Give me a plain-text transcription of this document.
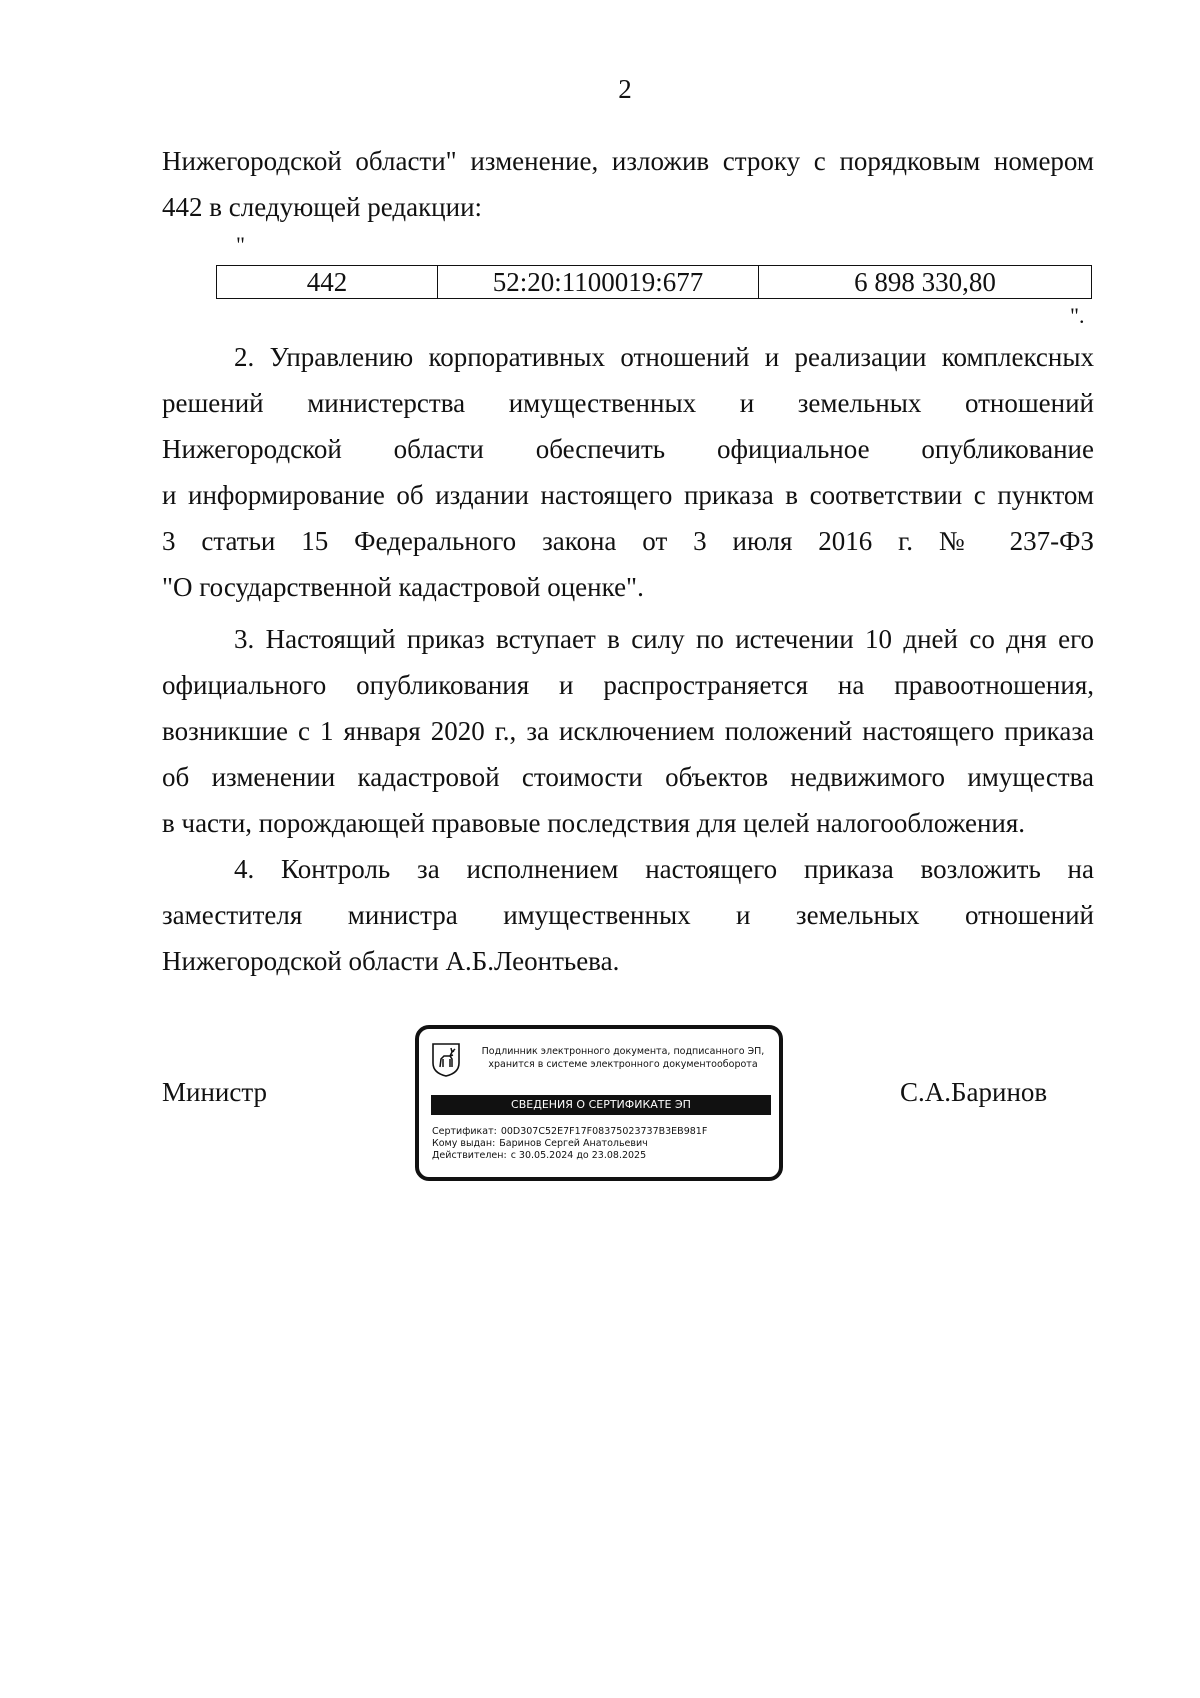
2
Нижегородской области" изменение, изложив строку с порядковым номером
442 в следующей редакции:
"
442	52:20:1100019:677	6 898 330,80
".
2. Управлению корпоративных отношений и реализации комплексных
решений министерства имущественных и земельных отношений
Нижегородской области обеспечить официальное опубликование
и информирование об издании настоящего приказа в соответствии с пунктом
3 статьи 15 Федерального закона от 3 июля 2016 г. № 237-ФЗ
"О государственной кадастровой оценке".
3. Настоящий приказ вступает в силу по истечении 10 дней со дня его
официального опубликования и распространяется на правоотношения,
возникшие с 1 января 2020 г., за исключением положений настоящего приказа
об изменении кадастровой стоимости объектов недвижимого имущества
в части, порождающей правовые последствия для целей налогообложения.
4. Контроль за исполнением настоящего приказа возложить на
заместителя министра имущественных и земельных отношений
Нижегородской области А.Б.Леонтьева.
Министр	С.А.Баринов
Подлинник электронного документа, подписанного ЭП,
хранится в системе электронного документооборота
СВЕДЕНИЯ О СЕРТИФИКАТЕ ЭП
Сертификат: 00D307C52E7F17F08375023737B3EB981F
Кому выдан: Баринов Сергей Анатольевич
Действителен: с 30.05.2024 до 23.08.2025
